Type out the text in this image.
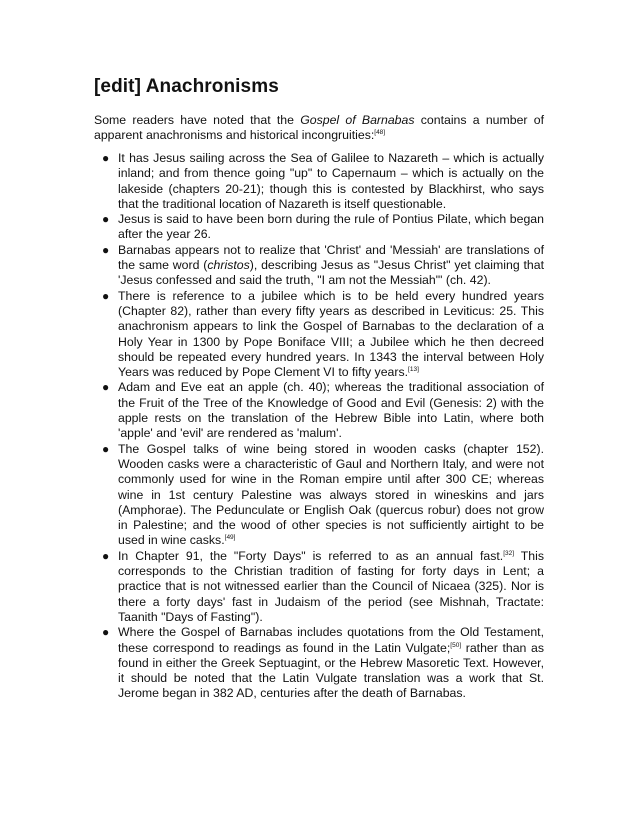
[edit] Anachronisms

Some readers have noted that the Gospel of Barnabas contains a number of apparent anachronisms and historical incongruities:[48]

● It has Jesus sailing across the Sea of Galilee to Nazareth – which is actually inland; and from thence going "up" to Capernaum – which is actually on the lakeside (chapters 20-21); though this is contested by Blackhirst, who says that the traditional location of Nazareth is itself questionable.
● Jesus is said to have been born during the rule of Pontius Pilate, which began after the year 26.
● Barnabas appears not to realize that 'Christ' and 'Messiah' are translations of the same word (christos), describing Jesus as "Jesus Christ" yet claiming that 'Jesus confessed and said the truth, "I am not the Messiah"' (ch. 42).
● There is reference to a jubilee which is to be held every hundred years (Chapter 82), rather than every fifty years as described in Leviticus: 25. This anachronism appears to link the Gospel of Barnabas to the declaration of a Holy Year in 1300 by Pope Boniface VIII; a Jubilee which he then decreed should be repeated every hundred years. In 1343 the interval between Holy Years was reduced by Pope Clement VI to fifty years.[13]
● Adam and Eve eat an apple (ch. 40); whereas the traditional association of the Fruit of the Tree of the Knowledge of Good and Evil (Genesis: 2) with the apple rests on the translation of the Hebrew Bible into Latin, where both 'apple' and 'evil' are rendered as 'malum'.
● The Gospel talks of wine being stored in wooden casks (chapter 152). Wooden casks were a characteristic of Gaul and Northern Italy, and were not commonly used for wine in the Roman empire until after 300 CE; whereas wine in 1st century Palestine was always stored in wineskins and jars (Amphorae). The Pedunculate or English Oak (quercus robur) does not grow in Palestine; and the wood of other species is not sufficiently airtight to be used in wine casks.[49]
● In Chapter 91, the "Forty Days" is referred to as an annual fast.[32] This corresponds to the Christian tradition of fasting for forty days in Lent; a practice that is not witnessed earlier than the Council of Nicaea (325). Nor is there a forty days' fast in Judaism of the period (see Mishnah, Tractate: Taanith "Days of Fasting").
● Where the Gospel of Barnabas includes quotations from the Old Testament, these correspond to readings as found in the Latin Vulgate;[50] rather than as found in either the Greek Septuagint, or the Hebrew Masoretic Text. However, it should be noted that the Latin Vulgate translation was a work that St. Jerome began in 382 AD, centuries after the death of Barnabas.
